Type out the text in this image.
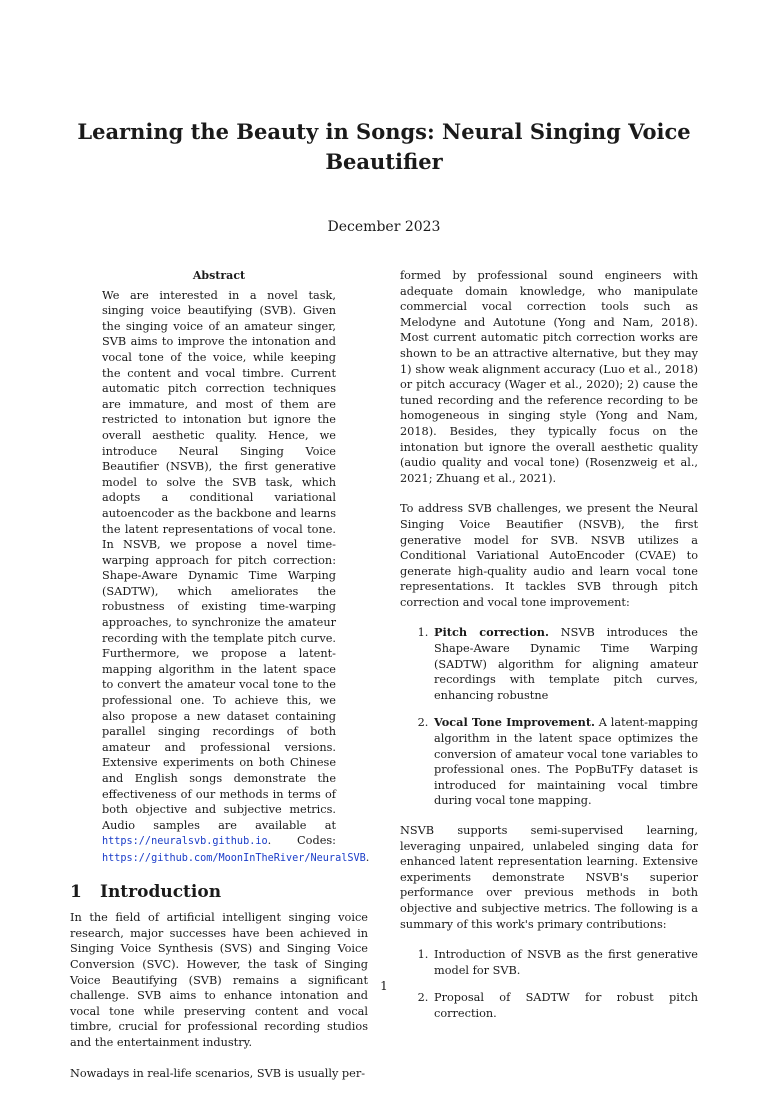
Learning the Beauty in Songs: Neural Singing Voice Beautifier
December 2023
Abstract
We are interested in a novel task, singing voice beautifying (SVB). Given the singing voice of an amateur singer, SVB aims to improve the intonation and vocal tone of the voice, while keeping the content and vocal timbre. Current automatic pitch correction techniques are immature, and most of them are restricted to intonation but ignore the overall aesthetic quality. Hence, we introduce Neural Singing Voice Beautifier (NSVB), the first generative model to solve the SVB task, which adopts a conditional variational autoencoder as the backbone and learns the latent representations of vocal tone. In NSVB, we propose a novel time-warping approach for pitch correction: Shape-Aware Dynamic Time Warping (SADTW), which ameliorates the robustness of existing time-warping approaches, to synchronize the amateur recording with the template pitch curve. Furthermore, we propose a latent-mapping algorithm in the latent space to convert the amateur vocal tone to the professional one. To achieve this, we also propose a new dataset containing parallel singing recordings of both amateur and professional versions. Extensive experiments on both Chinese and English songs demonstrate the effectiveness of our methods in terms of both objective and subjective metrics. Audio samples are available at https://neuralsvb.github.io. Codes: https://github.com/MoonInTheRiver/NeuralSVB.
1 Introduction

In the field of artificial intelligent singing voice research, major successes have been achieved in Singing Voice Synthesis (SVS) and Singing Voice Conversion (SVC). However, the task of Singing Voice Beautifying (SVB) remains a significant challenge. SVB aims to enhance intonation and vocal tone while preserving content and vocal timbre, crucial for professional recording studios and the entertainment industry.

Nowadays in real-life scenarios, SVB is usually per-

formed by professional sound engineers with adequate domain knowledge, who manipulate commercial vocal correction tools such as Melodyne and Autotune (Yong and Nam, 2018). Most current automatic pitch correction works are shown to be an attractive alternative, but they may 1) show weak alignment accuracy (Luo et al., 2018) or pitch accuracy (Wager et al., 2020); 2) cause the tuned recording and the reference recording to be homogeneous in singing style (Yong and Nam, 2018). Besides, they typically focus on the intonation but ignore the overall aesthetic quality (audio quality and vocal tone) (Rosenzweig et al., 2021; Zhuang et al., 2021).

To address SVB challenges, we present the Neural Singing Voice Beautifier (NSVB), the first generative model for SVB. NSVB utilizes a Conditional Variational AutoEncoder (CVAE) to generate high-quality audio and learn vocal tone representations. It tackles SVB through pitch correction and vocal tone improvement:

1. Pitch correction. NSVB introduces the Shape-Aware Dynamic Time Warping (SADTW) algorithm for aligning amateur recordings with template pitch curves, enhancing robustne
2. Vocal Tone Improvement. A latent-mapping algorithm in the latent space optimizes the conversion of amateur vocal tone variables to professional ones. The PopBuTFy dataset is introduced for maintaining vocal timbre during vocal tone mapping.

NSVB supports semi-supervised learning, leveraging unpaired, unlabeled singing data for enhanced latent representation learning. Extensive experiments demonstrate NSVB's superior performance over previous methods in both objective and subjective metrics. The following is a summary of this work's primary contributions:

1. Introduction of NSVB as the first generative model for SVB.
2. Proposal of SADTW for robust pitch correction.
1
